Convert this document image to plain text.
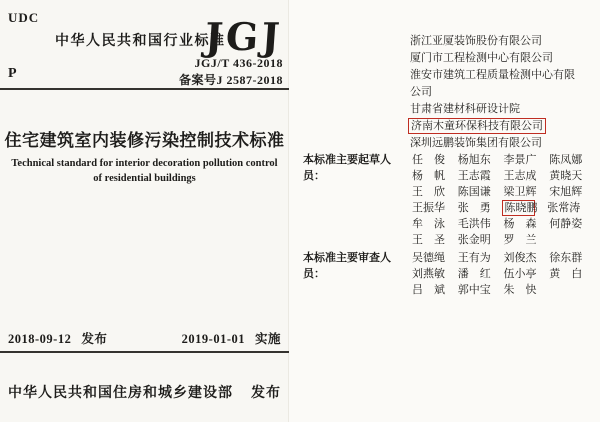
UDC
中华人民共和国行业标准
JGJ
JGJ/T 436-2018
备案号J 2587-2018
P
住宅建筑室内装修污染控制技术标准
Technical standard for interior decoration pollution control
of residential buildings
2018-09-12 发布	2019-01-01 实施
中华人民共和国住房和城乡建设部 发布
浙江亚厦装饰股份有限公司
厦门市工程检测中心有限公司
淮安市建筑工程质量检测中心有限公司
甘肃省建材科研设计院
济南木童环保科技有限公司
深圳远鹏装饰集团有限公司
本标准主要起草人员：
任　俊 杨旭东 李景广 陈凤娜
杨　帆 王志霞 王志成 黄晓天
王　欣 陈国谦 梁卫辉 宋旭辉
王振华 张　勇 陈晓鹏 张常涛
牟　泳 毛洪伟 杨　森 何静姿
王　圣 张金明 罗　兰
本标准主要审查人员：
吴德绳 王有为 刘俊杰 徐东群
刘燕敏 潘　红 伍小亭 黄　白
吕　斌 郭中宝 朱　快
